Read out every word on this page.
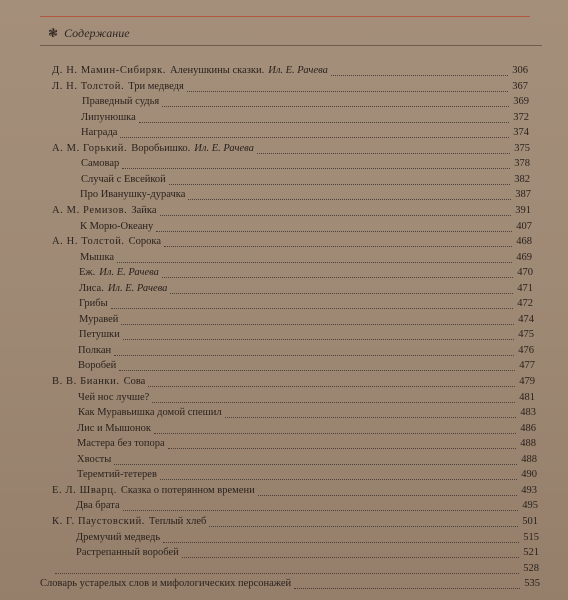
❃ Содержание
Д. Н. Мамин-Сибиряк. Аленушкины сказки. Ил. Е. Рачева	306
Л. Н. Толстой. Три медведя	367
Праведный судья	369
Липунюшка	372
Награда	374
А. М. Горький. Воробьишко. Ил. Е. Рачева	375
Самовар	378
Случай с Евсейкой	382
Про Иванушку-дурачка	387
А. М. Ремизов. Зайка	391
К Морю-Океану	407
А. Н. Толстой. Сорока	468
Мышка	469
Еж. Ил. Е. Рачева	470
Лиса. Ил. Е. Рачева	471
Грибы	472
Муравей	474
Петушки	475
Полкан	476
Воробей	477
В. В. Бианки. Сова	479
Чей нос лучше?	481
Как Муравьишка домой спешил	483
Лис и Мышонок	486
Мастера без топора	488
Хвосты	488
Теремтий-тетерев	490
Е. Л. Шварц. Сказка о потерянном времени	493
Два брата	495
К. Г. Паустовский. Теплый хлеб	501
Дремучий медведь	515
Растрепанный воробей	521
528
Словарь устарелых слов и мифологических персонажей	535
